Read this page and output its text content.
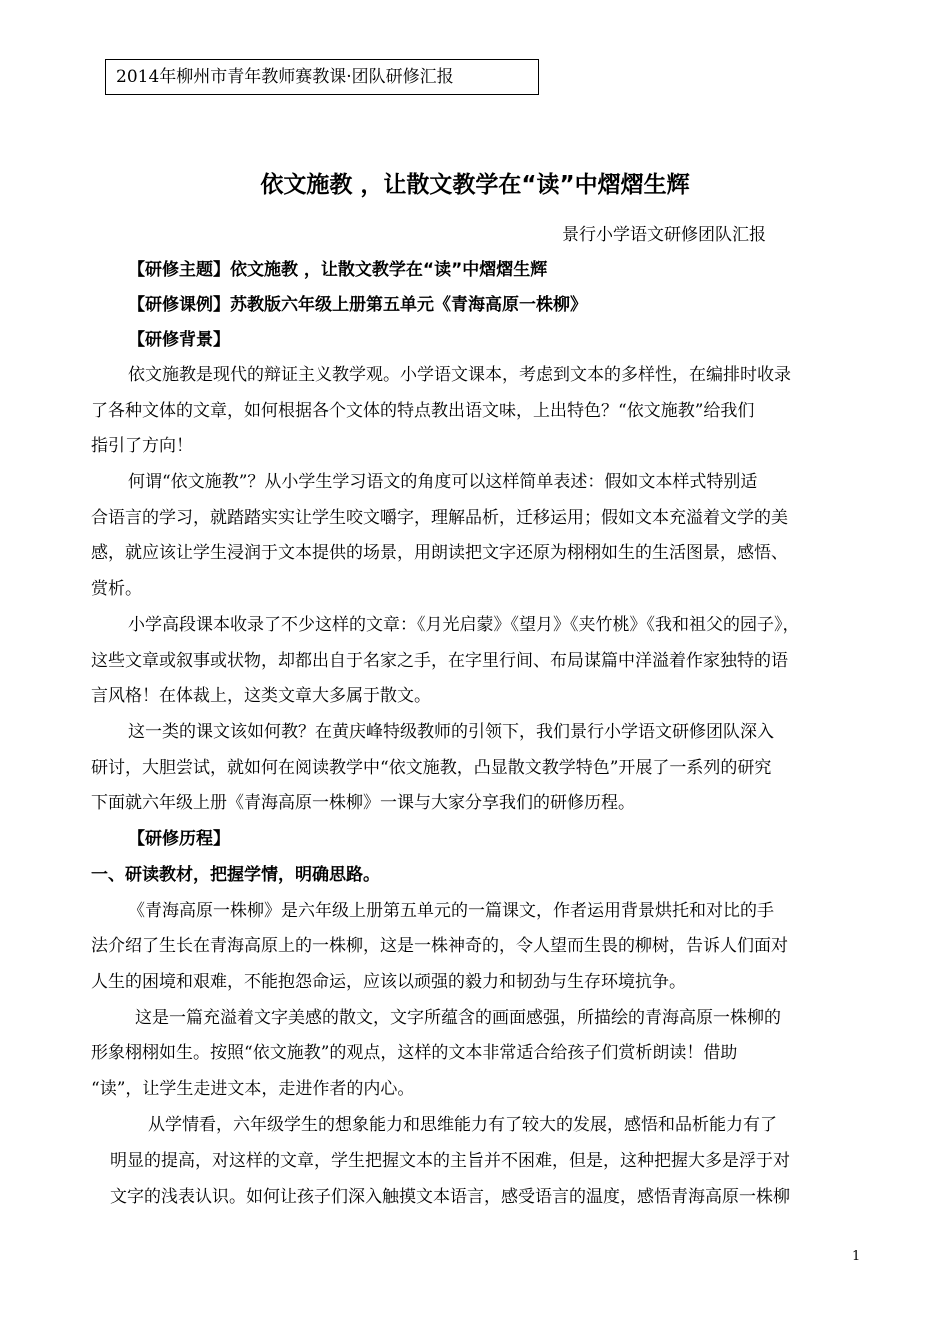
2014年柳州市青年教师赛教课·团队研修汇报
依文施教 ，让散文教学在“读”中熠熠生辉
景行小学语文研修团队汇报
【研修主题】依文施教 ，让散文教学在“读”中熠熠生辉
【研修课例】苏教版六年级上册第五单元《青海高原一株柳》
【研修背景】
依文施教是现代的辩证主义教学观。小学语文课本，考虑到文本的多样性，在编排时收录
了各种文体的文章，如何根据各个文体的特点教出语文味，上出特色？“依文施教”给我们
指引了方向！
何谓“依文施教”？从小学生学习语文的角度可以这样简单表述：假如文本样式特别适
合语言的学习，就踏踏实实让学生咬文嚼字，理解品析，迁移运用；假如文本充溢着文学的美
感，就应该让学生浸润于文本提供的场景，用朗读把文字还原为栩栩如生的生活图景，感悟、
赏析。
小学高段课本收录了不少这样的文章：《月光启蒙》《望月》《夹竹桃》《我和祖父的园子》，
这些文章或叙事或状物，却都出自于名家之手，在字里行间、布局谋篇中洋溢着作家独特的语
言风格！在体裁上，这类文章大多属于散文。
这一类的课文该如何教？在黄庆峰特级教师的引领下，我们景行小学语文研修团队深入
研讨，大胆尝试，就如何在阅读教学中“依文施教，凸显散文教学特色”开展了一系列的研究
下面就六年级上册《青海高原一株柳》一课与大家分享我们的研修历程。
【研修历程】
一、研读教材，把握学情，明确思路。
《青海高原一株柳》是六年级上册第五单元的一篇课文，作者运用背景烘托和对比的手
法介绍了生长在青海高原上的一株柳，这是一株神奇的，令人望而生畏的柳树，告诉人们面对
人生的困境和艰难，不能抱怨命运，应该以顽强的毅力和韧劲与生存环境抗争。
这是一篇充溢着文字美感的散文，文字所蕴含的画面感强，所描绘的青海高原一株柳的
形象栩栩如生。按照“依文施教”的观点，这样的文本非常适合给孩子们赏析朗读！借助
“读”，让学生走进文本，走进作者的内心。
从学情看，六年级学生的想象能力和思维能力有了较大的发展，感悟和品析能力有了
明显的提高，对这样的文章，学生把握文本的主旨并不困难，但是，这种把握大多是浮于对
文字的浅表认识。如何让孩子们深入触摸文本语言，感受语言的温度，感悟青海高原一株柳
1
